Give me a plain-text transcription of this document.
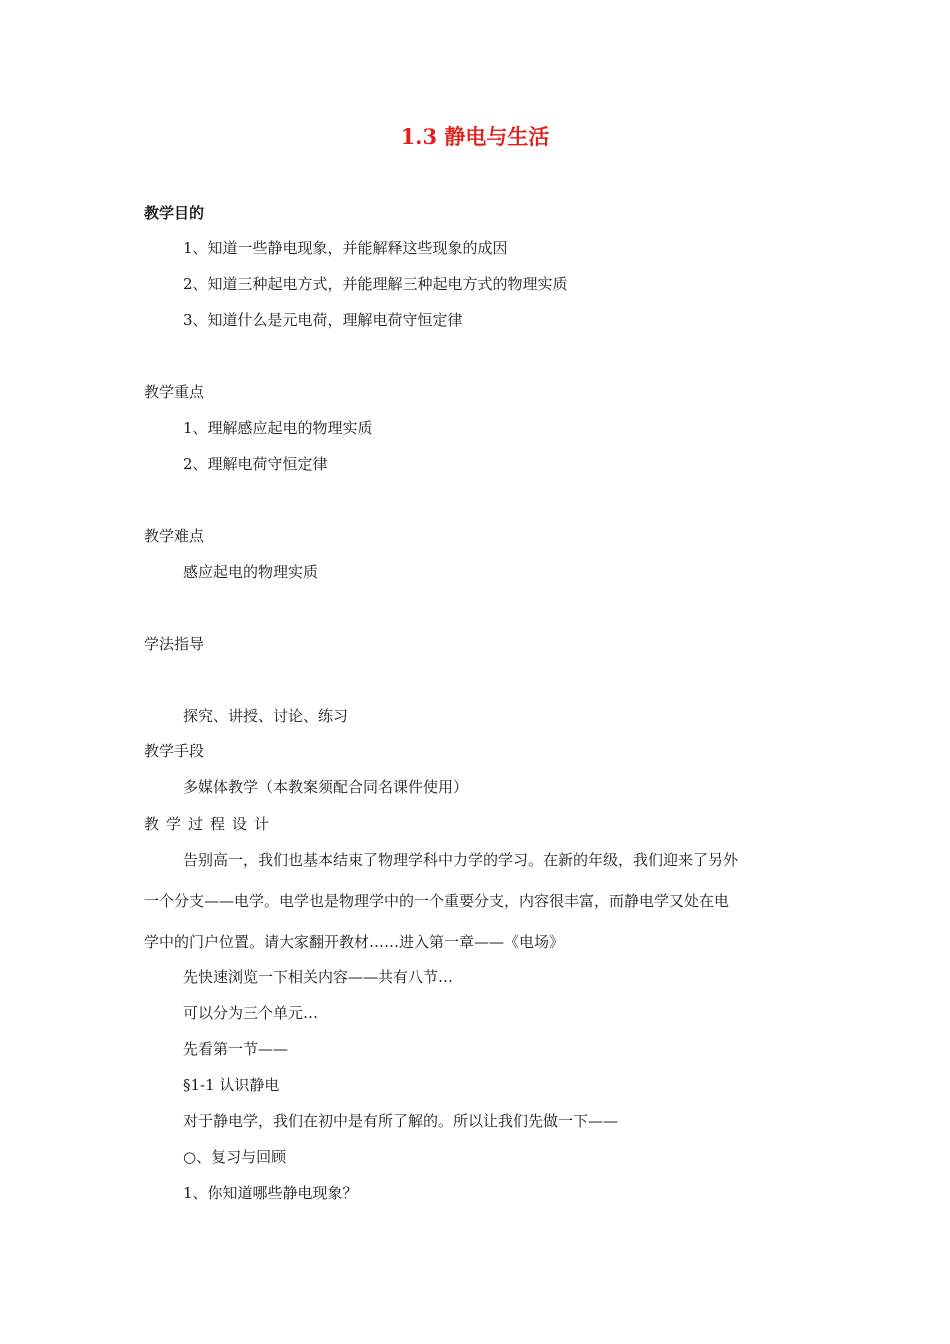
1.3 静电与生活
教学目的
1、知道一些静电现象，并能解释这些现象的成因
2、知道三种起电方式，并能理解三种起电方式的物理实质
3、知道什么是元电荷，理解电荷守恒定律
教学重点
1、理解感应起电的物理实质
2、理解电荷守恒定律
教学难点
感应起电的物理实质
学法指导
探究、讲授、讨论、练习
教学手段
多媒体教学（本教案须配合同名课件使用）
教学过程设计
告别高一，我们也基本结束了物理学科中力学的学习。在新的年级，我们迎来了另外
一个分支——电学。电学也是物理学中的一个重要分支，内容很丰富，而静电学又处在电
学中的门户位置。请大家翻开教材……进入第一章——《电场》
先快速浏览一下相关内容——共有八节…
可以分为三个单元…
先看第一节——
§1-1 认识静电
对于静电学，我们在初中是有所了解的。所以让我们先做一下——
○、复习与回顾
1、你知道哪些静电现象？
